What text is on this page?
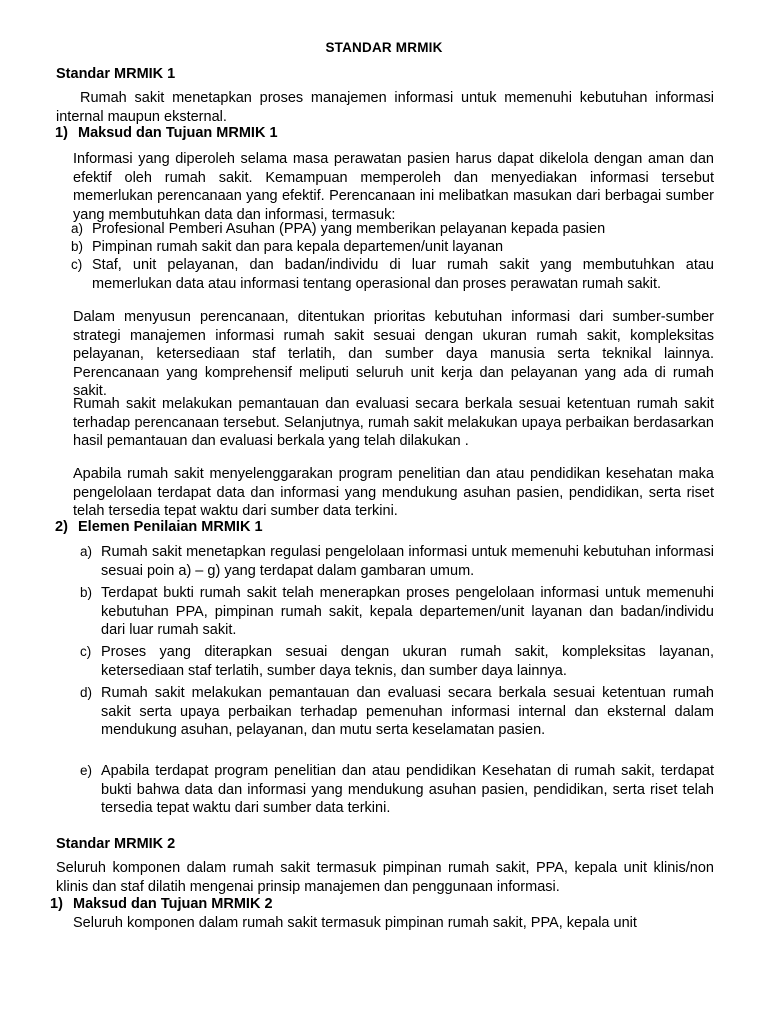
STANDAR MRMIK
Standar MRMIK 1
Rumah sakit menetapkan proses manajemen informasi untuk memenuhi kebutuhan informasi internal maupun eksternal.
1) Maksud dan Tujuan MRMIK 1
Informasi yang diperoleh selama masa perawatan pasien harus dapat dikelola dengan aman dan efektif oleh rumah sakit. Kemampuan memperoleh dan menyediakan informasi tersebut memerlukan perencanaan yang efektif. Perencanaan ini melibatkan masukan dari berbagai sumber yang membutuhkan data dan informasi, termasuk:
a) Profesional Pemberi Asuhan (PPA) yang memberikan pelayanan kepada pasien
b) Pimpinan rumah sakit dan para kepala departemen/unit layanan
c) Staf, unit pelayanan, dan badan/individu di luar rumah sakit yang membutuhkan atau memerlukan data atau informasi tentang operasional dan proses perawatan rumah sakit.
Dalam menyusun perencanaan, ditentukan prioritas kebutuhan informasi dari sumber-sumber strategi manajemen informasi rumah sakit sesuai dengan ukuran rumah sakit, kompleksitas pelayanan, ketersediaan staf terlatih, dan sumber daya manusia serta teknikal lainnya. Perencanaan yang komprehensif meliputi seluruh unit kerja dan pelayanan yang ada di rumah sakit.
Rumah sakit melakukan pemantauan dan evaluasi secara berkala sesuai ketentuan rumah sakit terhadap perencanaan tersebut. Selanjutnya, rumah sakit melakukan upaya perbaikan berdasarkan hasil pemantauan dan evaluasi berkala yang telah dilakukan .
Apabila rumah sakit menyelenggarakan program penelitian dan atau pendidikan kesehatan maka pengelolaan terdapat data dan informasi yang mendukung asuhan pasien, pendidikan, serta riset telah tersedia tepat waktu dari sumber data terkini.
2) Elemen Penilaian MRMIK 1
a) Rumah sakit menetapkan regulasi pengelolaan informasi untuk memenuhi kebutuhan informasi sesuai poin a) – g) yang terdapat dalam gambaran umum.
b) Terdapat bukti rumah sakit telah menerapkan proses pengelolaan informasi untuk memenuhi kebutuhan PPA, pimpinan rumah sakit, kepala departemen/unit layanan dan badan/individu dari luar rumah sakit.
c) Proses yang diterapkan sesuai dengan ukuran rumah sakit, kompleksitas layanan, ketersediaan staf terlatih, sumber daya teknis, dan sumber daya lainnya.
d) Rumah sakit melakukan pemantauan dan evaluasi secara berkala sesuai ketentuan rumah sakit serta upaya perbaikan terhadap pemenuhan informasi internal dan eksternal dalam mendukung asuhan, pelayanan, dan mutu serta keselamatan pasien.
e) Apabila terdapat program penelitian dan atau pendidikan Kesehatan di rumah sakit, terdapat bukti bahwa data dan informasi yang mendukung asuhan pasien, pendidikan, serta riset telah tersedia tepat waktu dari sumber data terkini.
Standar MRMIK 2
Seluruh komponen dalam rumah sakit termasuk pimpinan rumah sakit, PPA, kepala unit klinis/non klinis dan staf dilatih mengenai prinsip manajemen dan penggunaan informasi.
1) Maksud dan Tujuan MRMIK 2
Seluruh komponen dalam rumah sakit termasuk pimpinan rumah sakit, PPA, kepala unit
